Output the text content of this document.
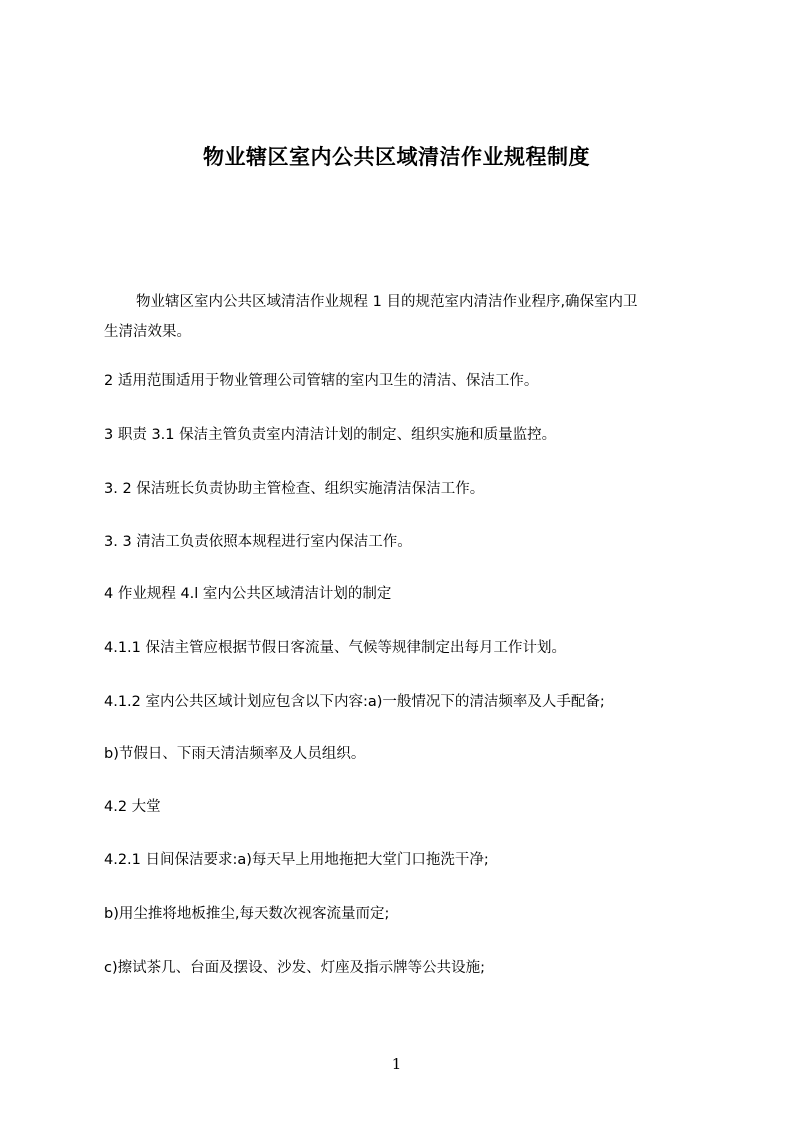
物业辖区室内公共区域清洁作业规程制度
物业辖区室内公共区域清洁作业规程 1 目的规范室内清洁作业程序,确保室内卫
生清洁效果。
2 适用范围适用于物业管理公司管辖的室内卫生的清洁、保洁工作。
3 职责 3.1 保洁主管负责室内清洁计划的制定、组织实施和质量监控。
3. 2 保洁班长负责协助主管检查、组织实施清洁保洁工作。
3. 3 清洁工负责依照本规程进行室内保洁工作。
4 作业规程 4.l 室内公共区域清洁计划的制定
4.1.1 保洁主管应根据节假日客流量、气候等规律制定出每月工作计划。
4.1.2 室内公共区域计划应包含以下内容:a)一般情况下的清洁频率及人手配备;
b)节假日、下雨天清洁频率及人员组织。
4.2 大堂
4.2.1 日间保洁要求:a)每天早上用地拖把大堂门口拖洗干净;
b)用尘推将地板推尘,每天数次视客流量而定;
c)擦试茶几、台面及摆设、沙发、灯座及指示牌等公共设施;
1
